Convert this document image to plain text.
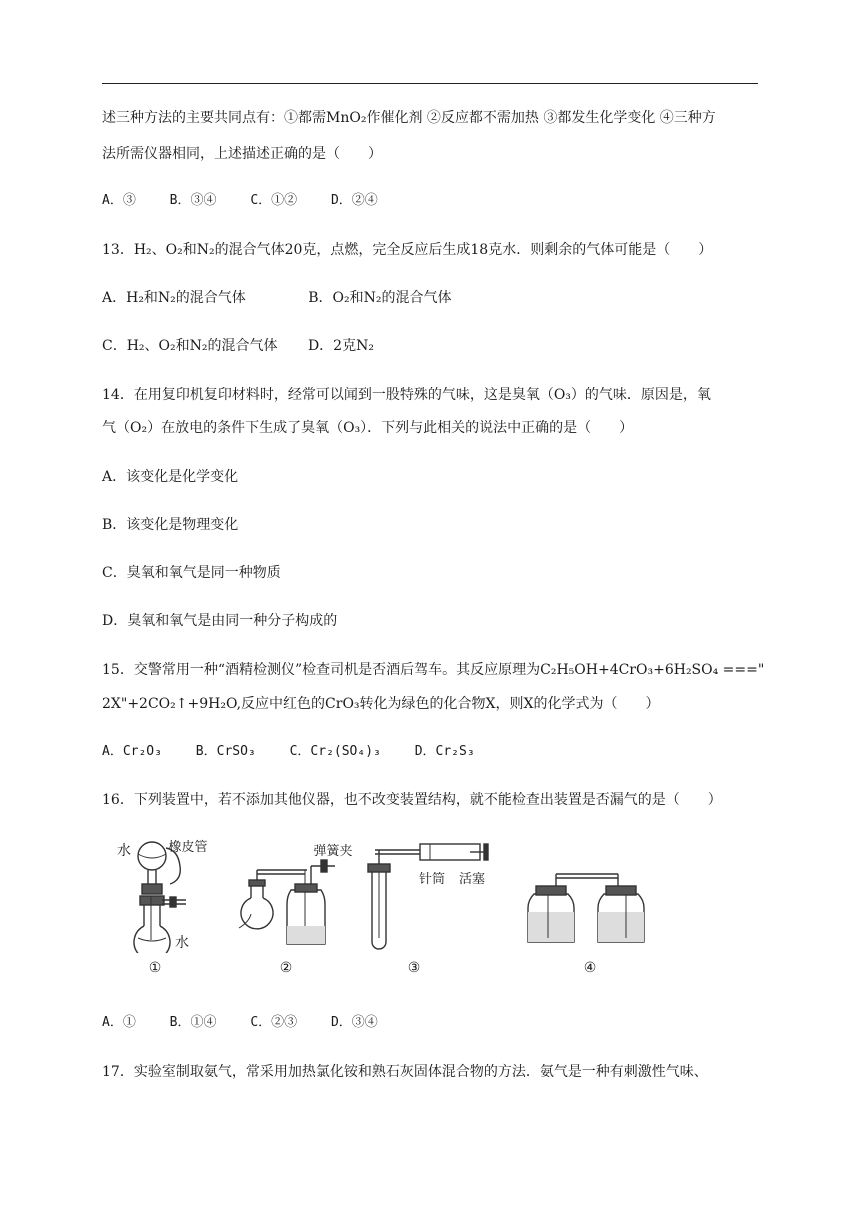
述三种方法的主要共同点有：①都需MnO₂作催化剂 ②反应都不需加热 ③都发生化学变化 ④三种方
法所需仪器相同，上述描述正确的是（　　）
A．③	B．③④	C．①②	D．②④
13．H₂、O₂和N₂的混合气体20克，点燃，完全反应后生成18克水．则剩余的气体可能是（　　）
A．H₂和N₂的混合气体	B．O₂和N₂的混合气体
C．H₂、O₂和N₂的混合气体 D．2克N₂
14．在用复印机复印材料时，经常可以闻到一股特殊的气味，这是臭氧（O₃）的气味．原因是，氧
气（O₂）在放电的条件下生成了臭氧（O₃）．下列与此相关的说法中正确的是（　　）
A．该变化是化学变化
B．该变化是物理变化
C．臭氧和氧气是同一种物质
D．臭氧和氧气是由同一种分子构成的
15．交警常用一种“酒精检测仪”检查司机是否酒后驾车。其反应原理为C₂H₅OH+4CrO₃+6H₂SO₄ ==="
2X"+2CO₂↑+9H₂O,反应中红色的CrO₃转化为绿色的化合物X，则X的化学式为（　　）
A．Cr₂O₃	B．CrSO₃	C．Cr₂(SO₄)₃	D．Cr₂S₃
16．下列装置中，若不添加其他仪器，也不改变装置结构，就不能检查出装置是否漏气的是（　　）
水	橡皮管
水
①
弹簧夹
②
针筒	活塞
③	④
A．①	B．①④	C．②③	D．③④
17．实验室制取氨气，常采用加热氯化铵和熟石灰固体混合物的方法．氨气是一种有刺激性气味、
